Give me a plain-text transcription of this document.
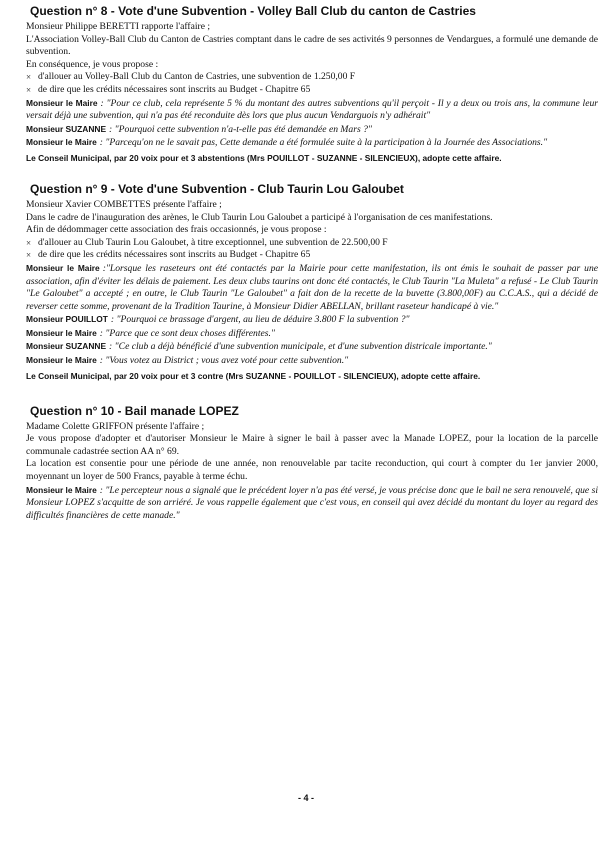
Question n° 8 - Vote d'une Subvention - Volley Ball Club du canton de Castries

Monsieur Philippe BERETTI rapporte l'affaire ;

L'Association Volley-Ball Club du Canton de Castries comptant dans le cadre de ses activités 9 personnes de Vendargues, a formulé une demande de subvention.

En conséquence, je vous propose :

× d'allouer au Volley-Ball Club du Canton de Castries, une subvention de 1.250,00 F
× de dire que les crédits nécessaires sont inscrits au Budget - Chapitre 65

Monsieur le Maire : "Pour ce club, cela représente 5 % du montant des autres subventions qu'il perçoit - Il y a deux ou trois ans, la commune leur versait déjà une subvention, qui n'a pas été reconduite dès lors que plus aucun Vendarguois n'y adhérait"

Monsieur SUZANNE : "Pourquoi cette subvention n'a-t-elle pas été demandée en Mars ?"

Monsieur le Maire : "Parcequ'on ne le savait pas, Cette demande a été formulée suite à la participation à la Journée des Associations."

Le Conseil Municipal, par 20 voix pour et 3 abstentions (Mrs POUILLOT - SUZANNE - SILENCIEUX), adopte cette affaire.

Question n° 9 - Vote d'une Subvention - Club Taurin Lou Galoubet

Monsieur Xavier COMBETTES présente l'affaire ;

Dans le cadre de l'inauguration des arènes, le Club Taurin Lou Galoubet a participé à l'organisation de ces manifestations.

Afin de dédommager cette association des frais occasionnés, je vous propose :

× d'allouer au Club Taurin Lou Galoubet, à titre exceptionnel, une subvention de 22.500,00 F
× de dire que les crédits nécessaires sont inscrits au Budget - Chapitre 65

Monsieur le Maire :"Lorsque les raseteurs ont été contactés par la Mairie pour cette manifestation, ils ont émis le souhait de passer par une association, afin d'éviter les délais de paiement. Les deux clubs taurins ont donc été contactés, le Club Taurin "La Muleta" a refusé - Le Club Taurin "Le Galoubet" a accepté ; en outre, le Club Taurin "Le Galoubet" a fait don de la recette de la buvette (3.800,00F) au C.C.A.S., qui a décidé de reverser cette somme, provenant de la Tradition Taurine, à Monsieur Didier ABELLAN, brillant raseteur handicapé à vie."

Monsieur POUILLOT : "Pourquoi ce brassage d'argent, au lieu de déduire 3.800 F la subvention ?"

Monsieur le Maire : "Parce que ce sont deux choses différentes."

Monsieur SUZANNE : "Ce club a déjà bénéficié d'une subvention municipale, et d'une subvention districale importante."

Monsieur le Maire : "Vous votez au District ; vous avez voté pour cette subvention."

Le Conseil Municipal, par 20 voix pour et 3 contre (Mrs SUZANNE - POUILLOT - SILENCIEUX), adopte cette affaire.

Question n° 10 - Bail manade LOPEZ

Madame Colette GRIFFON présente l'affaire ;

Je vous propose d'adopter et d'autoriser Monsieur le Maire à signer le bail à passer avec la Manade LOPEZ, pour la location de la parcelle communale cadastrée section AA n° 69.

La location est consentie pour une période de une année, non renouvelable par tacite reconduction, qui court à compter du 1er janvier 2000, moyennant un loyer de 500 Francs, payable à terme échu.

Monsieur le Maire : "Le percepteur nous a signalé que le précédent loyer n'a pas été versé, je vous précise donc que le bail ne sera renouvelé, que si Monsieur LOPEZ s'acquitte de son arriéré. Je vous rappelle également que c'est vous, en conseil qui avez décidé du montant du loyer au regard des difficultés financières de cette manade."

- 4 -
